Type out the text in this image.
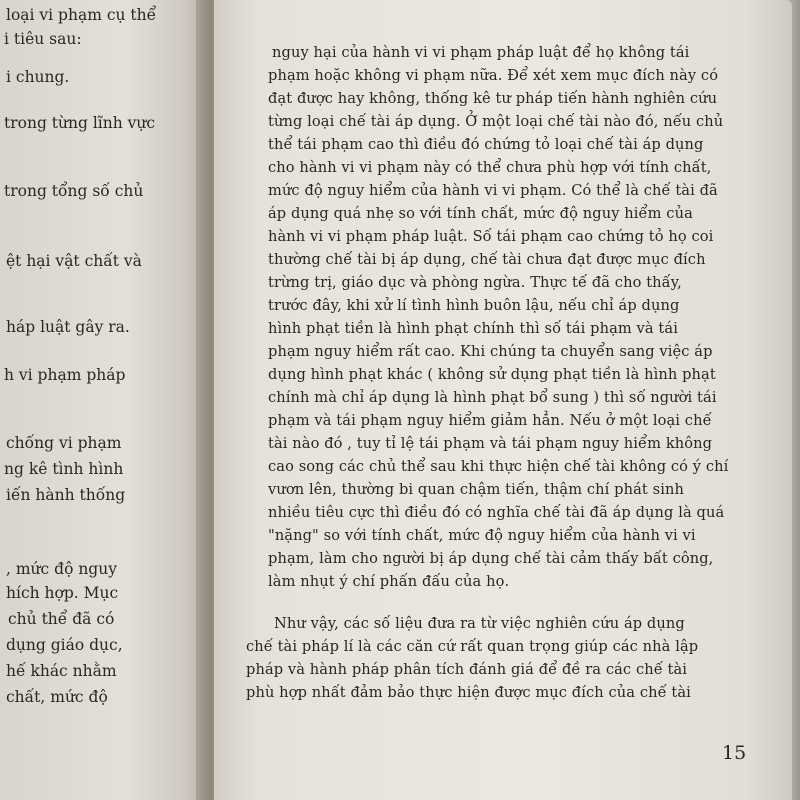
loại vi phạm cụ thể
i tiêu sau:
i chung.
trong từng lĩnh vực
trong tổng số chủ
ệt hại vật chất và
háp luật gây ra.
h vi phạm pháp
chống vi phạm
ng kê tình hình
iến hành thống
, mức độ nguy
hích hợp. Mục
chủ thể đã có
dụng giáo dục,
hế khác nhằm
chất, mức độ
nguy hại của hành vi vi phạm pháp luật để họ không tái
phạm hoặc không vi phạm nữa. Để xét xem mục đích này có
đạt được hay không, thống kê tư pháp tiến hành nghiên cứu
từng loại chế tài áp dụng. Ở một loại chế tài nào đó, nếu chủ
thể tái phạm cao thì điều đó chứng tỏ loại chế tài áp dụng
cho hành vi vi phạm này có thể chưa phù hợp với tính chất,
mức độ nguy hiểm của hành vi vi phạm. Có thể là chế tài đã
áp dụng quá nhẹ so với tính chất, mức độ nguy hiểm của
hành vi vi phạm pháp luật. Số tái phạm cao chứng tỏ họ coi
thường chế tài bị áp dụng, chế tài chưa đạt được mục đích
trừng trị, giáo dục và phòng ngừa. Thực tế đã cho thấy,
trước đây, khi xử lí tình hình buôn lậu, nếu chỉ áp dụng
hình phạt tiền là hình phạt chính thì số tái phạm và tái
phạm nguy hiểm rất cao. Khi chúng ta chuyển sang việc áp
dụng hình phạt khác ( không sử dụng phạt tiền là hình phạt
chính mà chỉ áp dụng là hình phạt bổ sung ) thì số người tái
phạm và tái phạm nguy hiểm giảm hẳn. Nếu ở một loại chế
tài nào đó , tuy tỉ lệ tái phạm và tái phạm nguy hiểm không
cao song các chủ thể sau khi thực hiện chế tài không có ý chí
vươn lên, thường bi quan chậm tiến, thậm chí phát sinh
nhiều tiêu cực thì điều đó có nghĩa chế tài đã áp dụng là quá
"nặng" so với tính chất, mức độ nguy hiểm của hành vi vi
phạm, làm cho người bị áp dụng chế tài cảm thấy bất công,
làm nhụt ý chí phấn đấu của họ.
Như vậy, các số liệu đưa ra từ việc nghiên cứu áp dụng
chế tài pháp lí là các căn cứ rất quan trọng giúp các nhà lập
pháp và hành pháp phân tích đánh giá để đề ra các chế tài
phù hợp nhất đảm bảo thực hiện được mục đích của chế tài
15
